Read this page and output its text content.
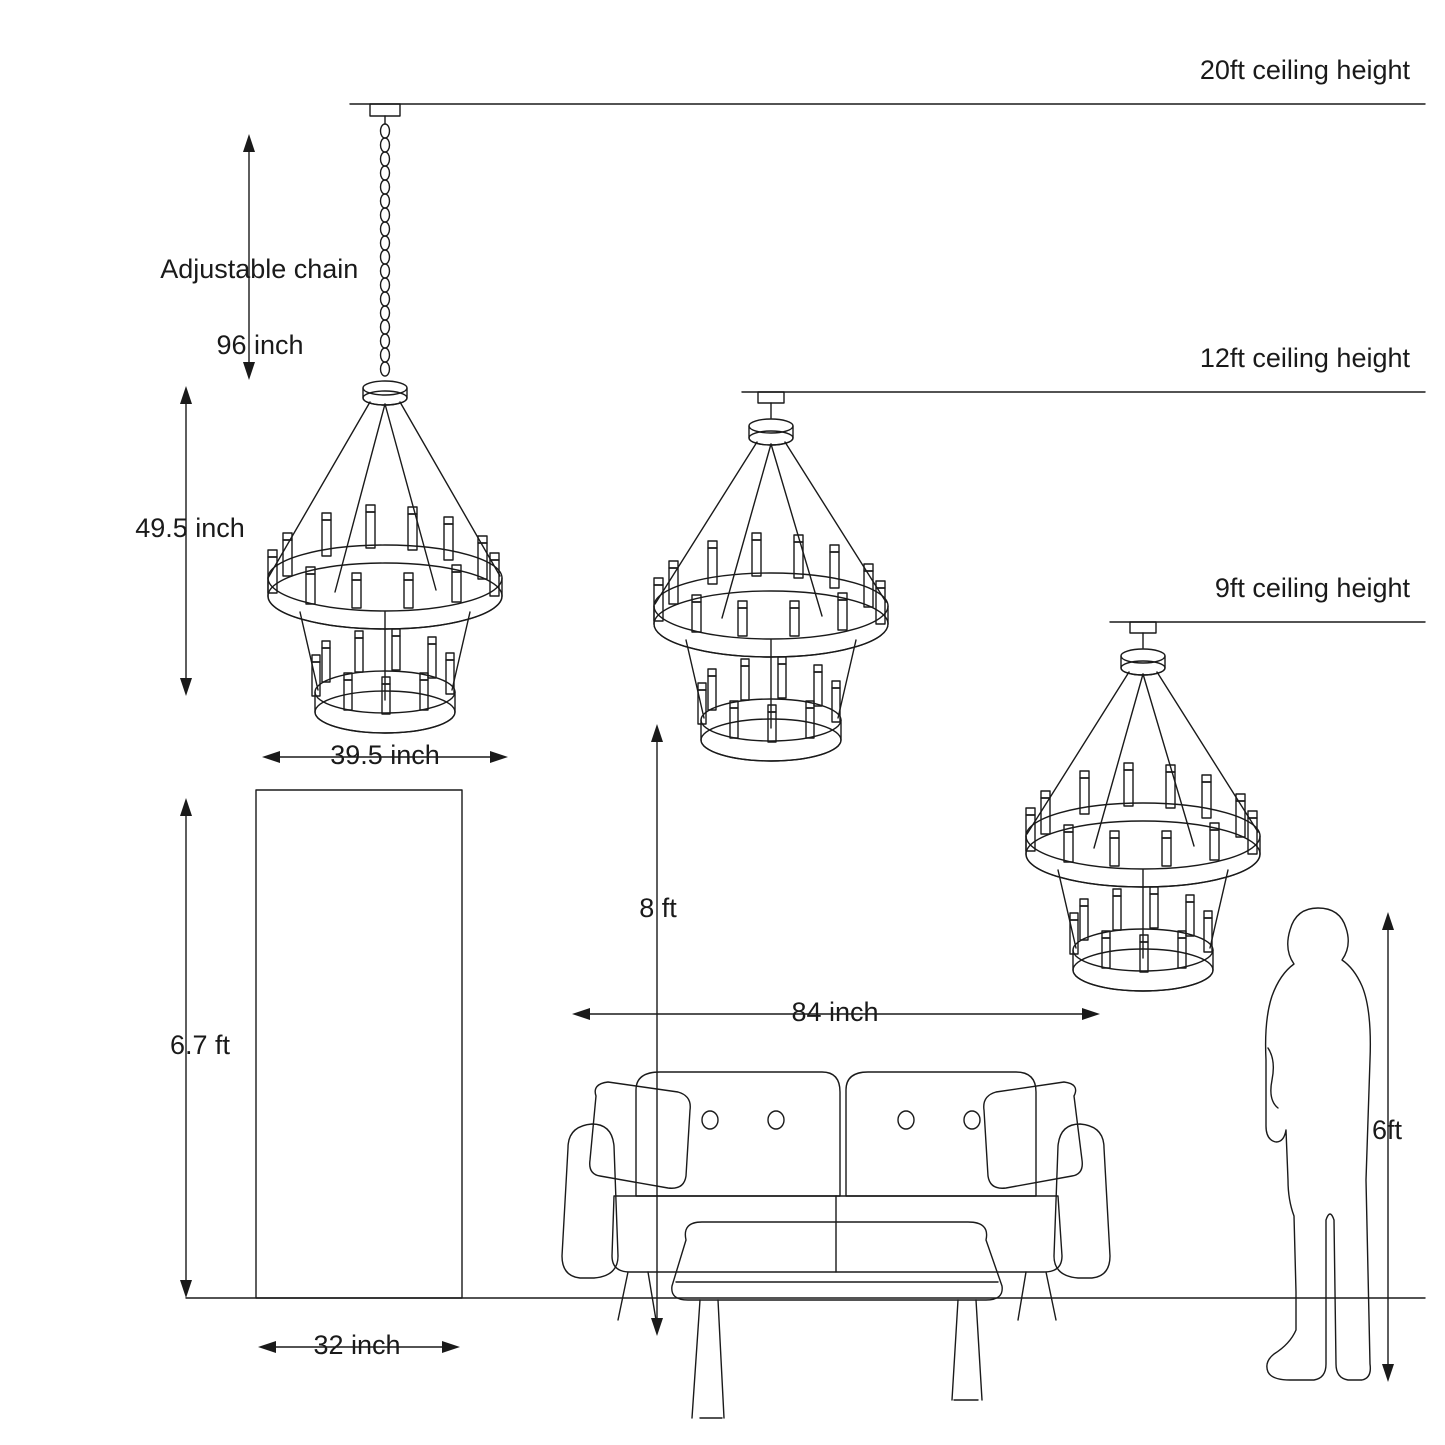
20ft ceiling height
12ft ceiling height
9ft ceiling height

Adjustable chain

96 inch

49.5 inch
39.5 inch
8 ft
6.7 ft
32 inch
84 inch
6ft
